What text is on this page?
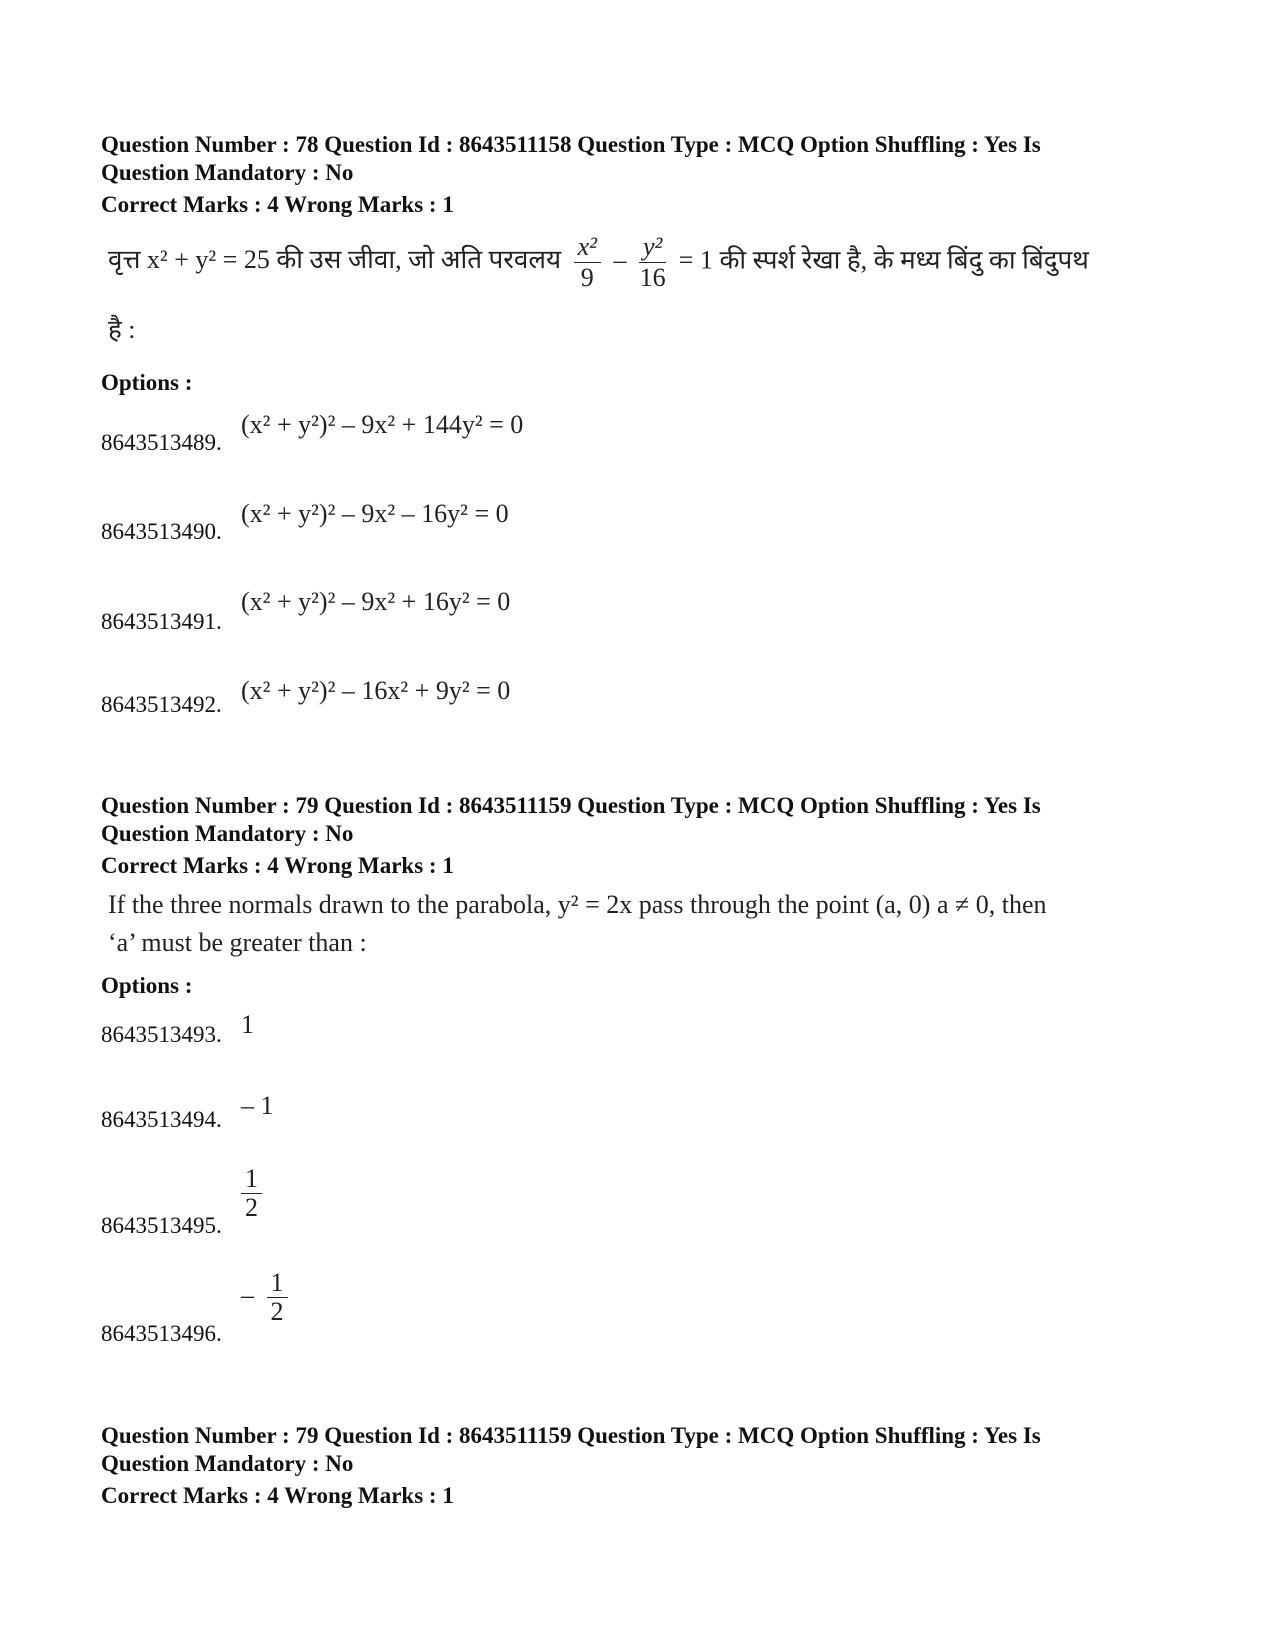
Question Number : 78 Question Id : 8643511158 Question Type : MCQ Option Shuffling : Yes Is
Question Mandatory : No
Correct Marks : 4 Wrong Marks : 1
वृत्त x² + y² = 25 की उस जीवा, जो अति परवलय $\frac{\text{x²}}{9} - \frac{\text{y²}}{16} = 1$ की स्पर्श रेखा है, के मध्य बिंदु का बिंदुपथ
है :
Options :
8643513489.
(x² + y²)² – 9x² + 144y² = 0
8643513490.
(x² + y²)² – 9x² – 16y² = 0
8643513491.
(x² + y²)² – 9x² + 16y² = 0
8643513492. (x² + y²)² – 16x² + 9y² = 0
Question Number : 79 Question Id : 8643511159 Question Type : MCQ Option Shuffling : Yes Is
Question Mandatory : No
Correct Marks : 4 Wrong Marks : 1
If the three normals drawn to the parabola, y² = 2x pass through the point (a, 0) a ≠ 0, then
‘a’ must be greater than :
Options :
8643513493. 1
8643513494. – 1
8643513495.
$\frac{1}{2}$
8643513496.
– $\frac{1}{2}$
Question Number : 79 Question Id : 8643511159 Question Type : MCQ Option Shuffling : Yes Is
Question Mandatory : No
Correct Marks : 4 Wrong Marks : 1
